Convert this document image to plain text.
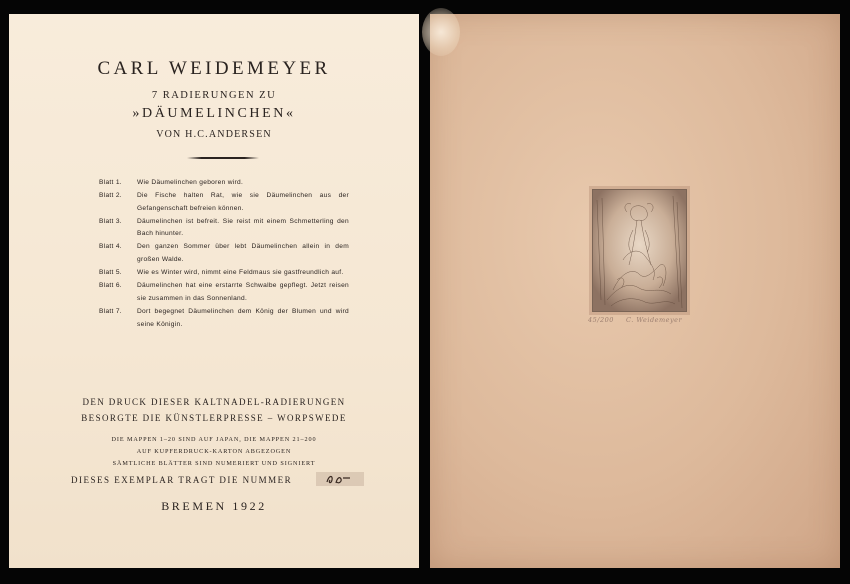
CARL WEIDEMEYER
7 RADIERUNGEN ZU
»DÄUMELINCHEN«
VON H.C.ANDERSEN
Blatt 1.	Wie Däumelinchen geboren wird.
Blatt 2.	Die Fische halten Rat, wie sie Däumelinchen aus der Gefangenschaft befreien können.
Blatt 3.	Däumelinchen ist befreit. Sie reist mit einem Schmetterling den Bach hinunter.
Blatt 4.	Den ganzen Sommer über lebt Däumelinchen allein in dem großen Walde.
Blatt 5.	Wie es Winter wird, nimmt eine Feldmaus sie gastfreundlich auf.
Blatt 6.	Däumelinchen hat eine erstarrte Schwalbe gepflegt. Jetzt reisen sie zusammen in das Sonnenland.
Blatt 7.	Dort begegnet Däumelinchen dem König der Blumen und wird seine Königin.
DEN DRUCK DIESER KALTNADEL-RADIERUNGEN
BESORGTE DIE KÜNSTLERPRESSE – WORPSWEDE
DIE MAPPEN 1–20 SIND AUF JAPAN, DIE MAPPEN 21–200
AUF KUPFERDRUCK-KARTON ABGEZOGEN
SÄMTLICHE BLÄTTER SIND NUMERIERT UND SIGNIERT
DIESES EXEMPLAR TRAGT DIE NUMMER
BREMEN 1922
45/200 C. Weidemeyer
